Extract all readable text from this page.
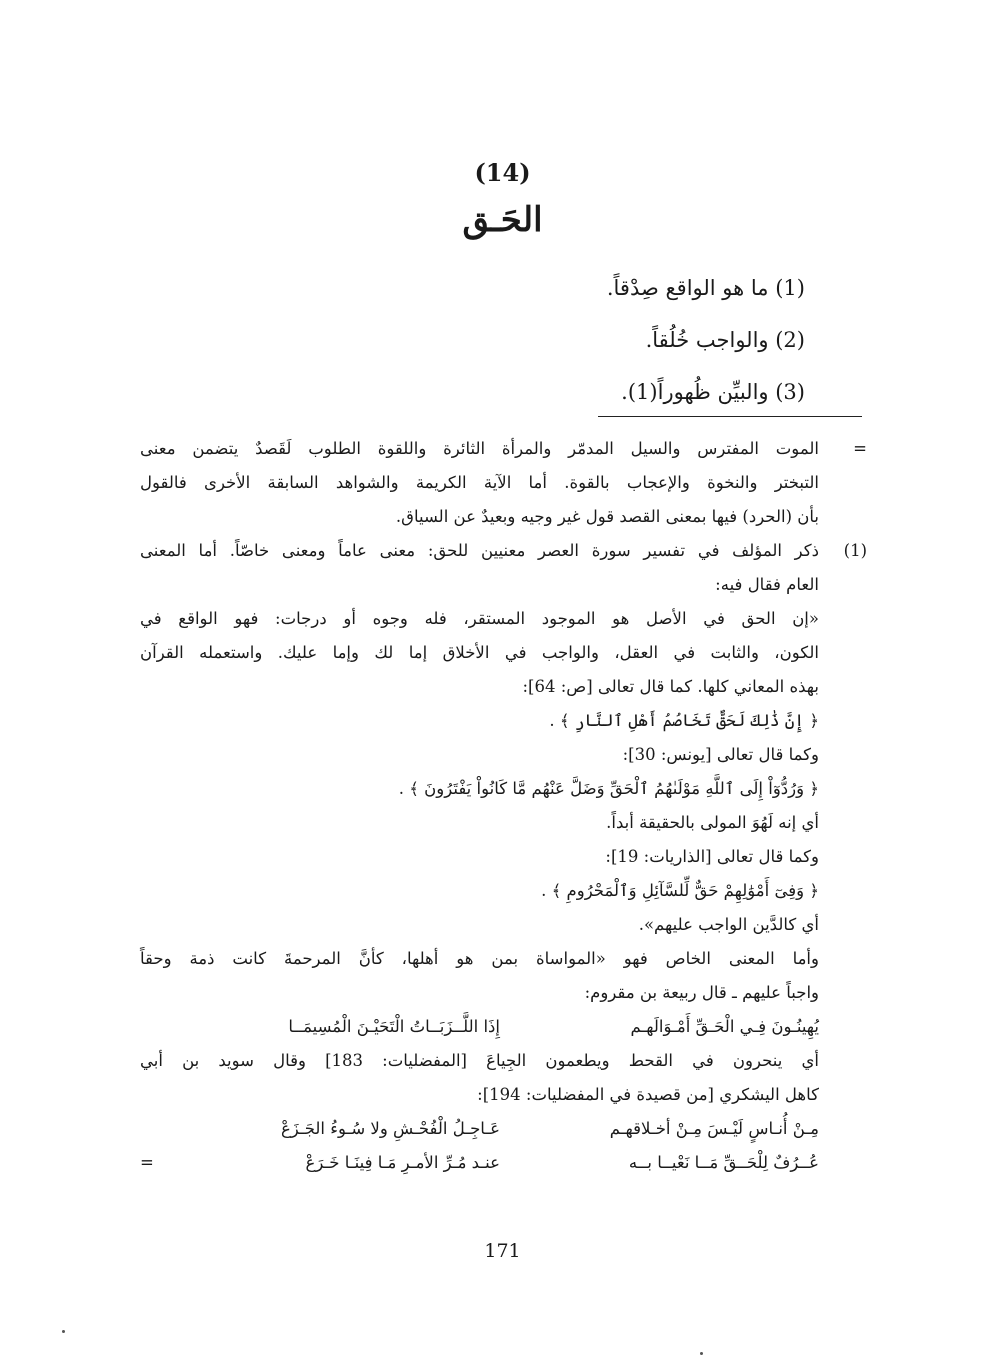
(14)
الحَـق
(1) ما هو الواقع صِدْقاً.
(2) والواجب خُلُقاً.
(3) والبيِّن ظُهوراً(1).
=
الموت المفترس والسيل المدمّر والمرأة الثائرة واللقوة الطلوب لَقَصدٌ يتضمن معنى
التبختر والنخوة والإعجاب بالقوة. أما الآية الكريمة والشواهد السابقة الأخرى فالقول
بأن (الحرد) فيها بمعنى القصد قول غير وجيه وبعيدٌ عن السياق.
(1)
ذكر المؤلف في تفسير سورة العصر معنيين للحق: معنى عاماً ومعنى خاصّاً. أما المعنى
العام فقال فيه:
«إن الحق في الأصل هو الموجود المستقر، فله وجوه أو درجات: فهو الواقع في
الكون، والثابت في العقل، والواجب في الأخلاق إما لك وإما عليك. واستعمله القرآن
بهذه المعاني كلها. كما قال تعالى [ص: 64]:
﴿ إِنَّ ذَٰلِكَ لَحَقٌّ تَخَاصُمُ أَهْلِ ٱلنَّارِ ﴾ .
وكما قال تعالى [يونس: 30]:
﴿ وَرُدُّوٓاْ إِلَى ٱللَّهِ مَوْلَىٰهُمُ ٱلْحَقِّ وَضَلَّ عَنْهُم مَّا كَانُواْ يَفْتَرُونَ ﴾ .
أي إنه لَهُوَ المولى بالحقيقة أبداً.
وكما قال تعالى [الذاريات: 19]:
﴿ وَفِىٓ أَمْوَٰلِهِمْ حَقٌّ لِّلسَّآئِلِ وَٱلْمَحْرُومِ ﴾ .
أي كالدَّين الواجب عليهم».
وأما المعنى الخاص فهو «المواساة بمن هو أهلها، كأنَّ المرحمةَ كانت ذمة وحقاً
واجباً عليهم ـ قال ربيعة بن مقروم:
يُهِينُـونَ فِـي الْحَـقِّ أَمْـوَالَهـم
إِذَا اللَّــزَبَــاتُ الْتَحَيْـنَ الْمُسِيمَــا
أي ينحرون في القحط ويطعمون الجِياعَ [المفضليات: 183] وقال سويد بن أبي
كاهل اليشكري [من قصيدة في المفضليات: 194]:
مِـنْ أُنـاسٍ لَيْـسَ مِـنْ أخـلاقهـم
عَـاجِـلُ الْفُحْـشِ ولا سُـوءُ الجَـزَعْ
عُــرُفٌ لِلْحَــقِّ مَــا نَعْيــا بــه
عنـد مُـرِّ الأمـرِ مَـا فِينَـا خَـرَعْ
=
171
